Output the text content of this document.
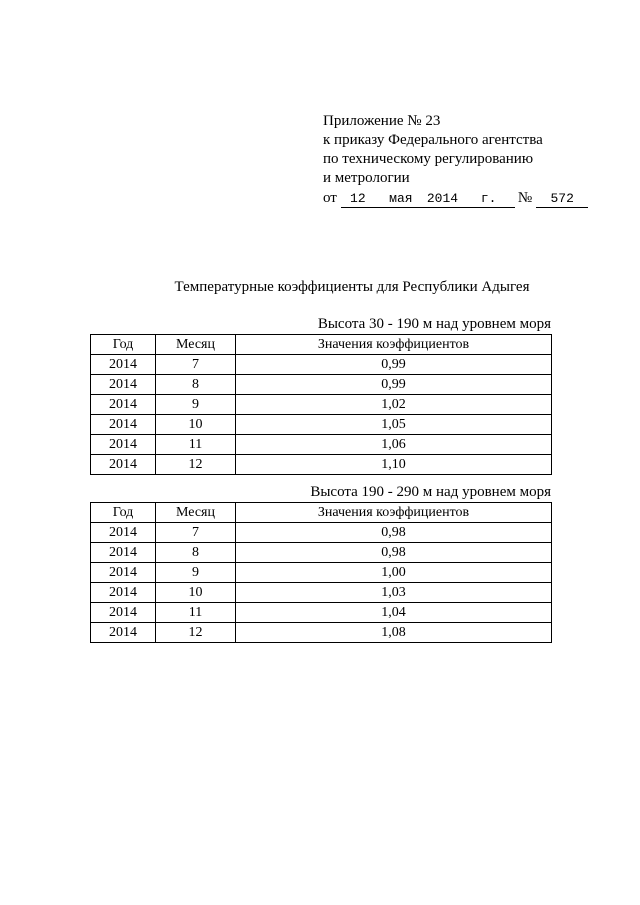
Приложение № 23
к приказу Федерального агентства
по техническому регулированию
и метрологии
от	12	мая	2014	г.	№	572
Температурные коэффициенты для Республики Адыгея
Высота 30 - 190 м над уровнем моря
Год	Месяц	Значения коэффициентов
2014	7	0,99
2014	8	0,99
2014	9	1,02
2014	10	1,05
2014	11	1,06
2014	12	1,10
Высота 190 - 290 м над уровнем моря
Год	Месяц	Значения коэффициентов
2014	7	0,98
2014	8	0,98
2014	9	1,00
2014	10	1,03
2014	11	1,04
2014	12	1,08
